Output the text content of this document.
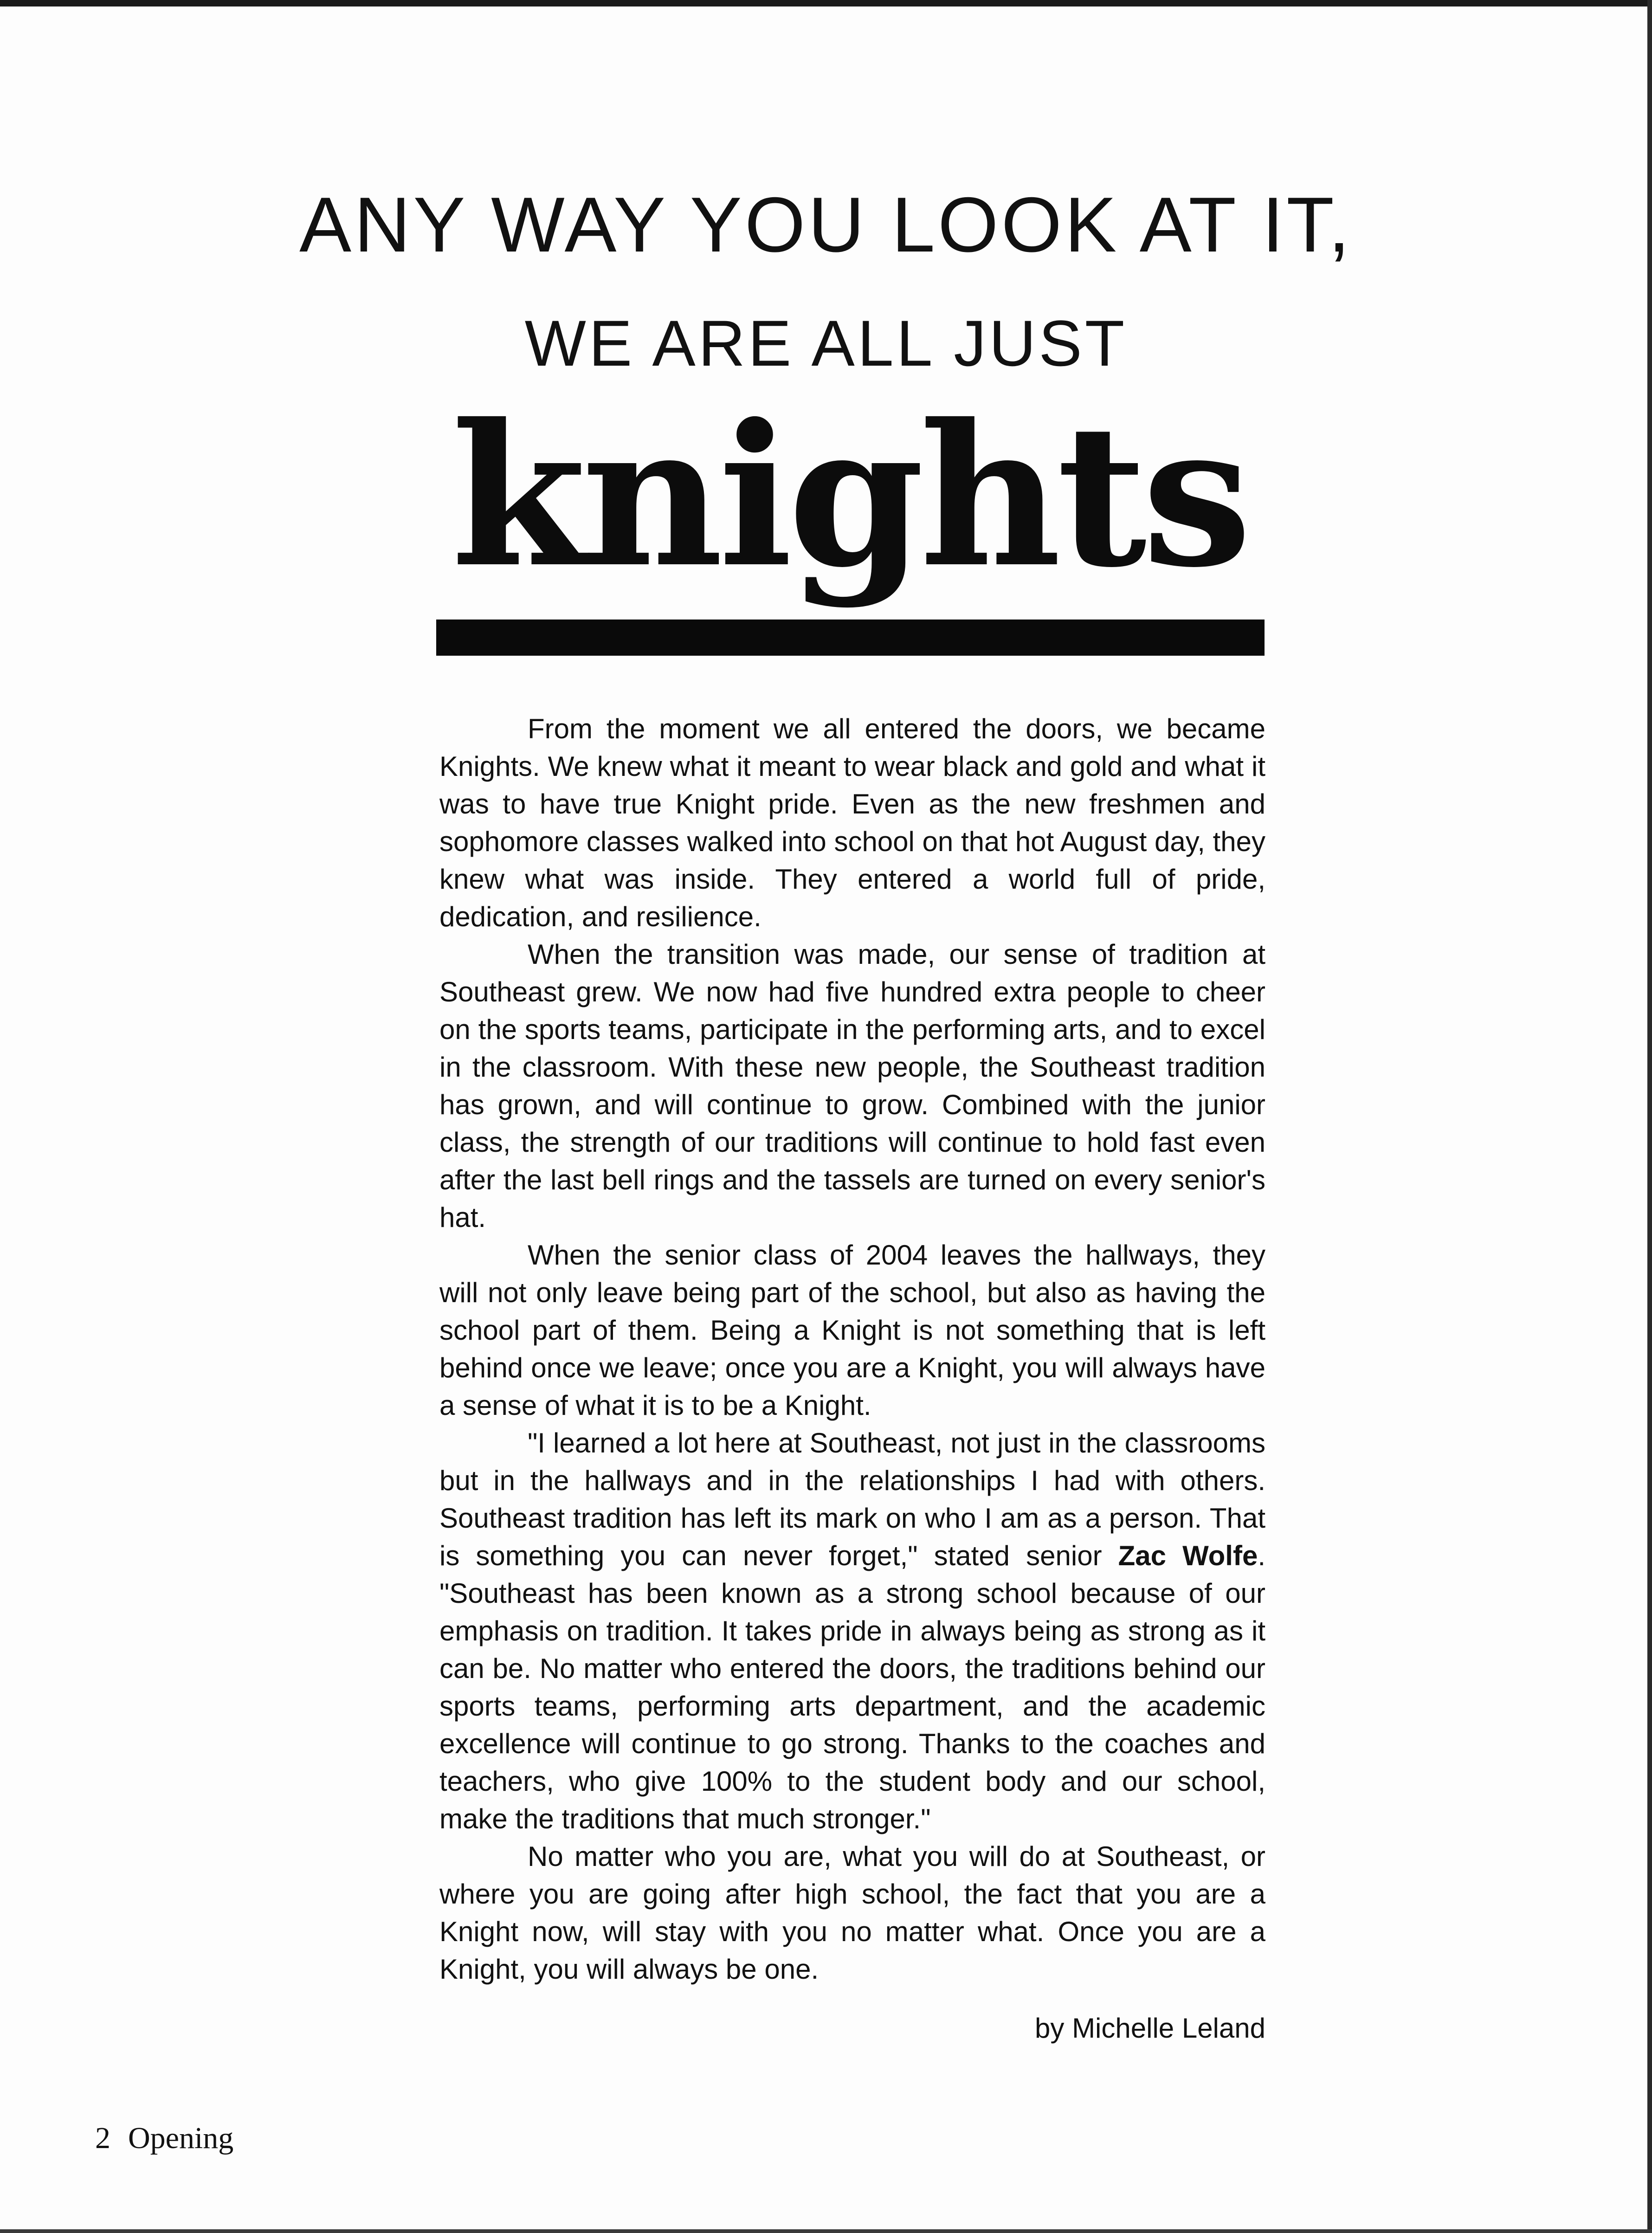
ANY WAY YOU LOOK AT IT,
WE ARE ALL JUST
knights

From the moment we all entered the doors, we became Knights. We knew what it meant to wear black and gold and what it was to have true Knight pride. Even as the new freshmen and sophomore classes walked into school on that hot August day, they knew what was inside. They entered a world full of pride, dedication, and resilience.

When the transition was made, our sense of tradition at Southeast grew. We now had five hundred extra people to cheer on the sports teams, participate in the performing arts, and to excel in the classroom. With these new people, the Southeast tradition has grown, and will continue to grow. Combined with the junior class, the strength of our traditions will continue to hold fast even after the last bell rings and the tassels are turned on every senior's hat.

When the senior class of 2004 leaves the hallways, they will not only leave being part of the school, but also as having the school part of them. Being a Knight is not something that is left behind once we leave; once you are a Knight, you will always have a sense of what it is to be a Knight.

"I learned a lot here at Southeast, not just in the classrooms but in the hallways and in the relationships I had with others. Southeast tradition has left its mark on who I am as a person. That is something you can never forget," stated senior Zac Wolfe. "Southeast has been known as a strong school because of our emphasis on tradition. It takes pride in always being as strong as it can be. No matter who entered the doors, the traditions behind our sports teams, performing arts department, and the academic excellence will continue to go strong. Thanks to the coaches and teachers, who give 100% to the student body and our school, make the traditions that much stronger."

No matter who you are, what you will do at Southeast, or where you are going after high school, the fact that you are a Knight now, will stay with you no matter what. Once you are a Knight, you will always be one.

by Michelle Leland
2 Opening
